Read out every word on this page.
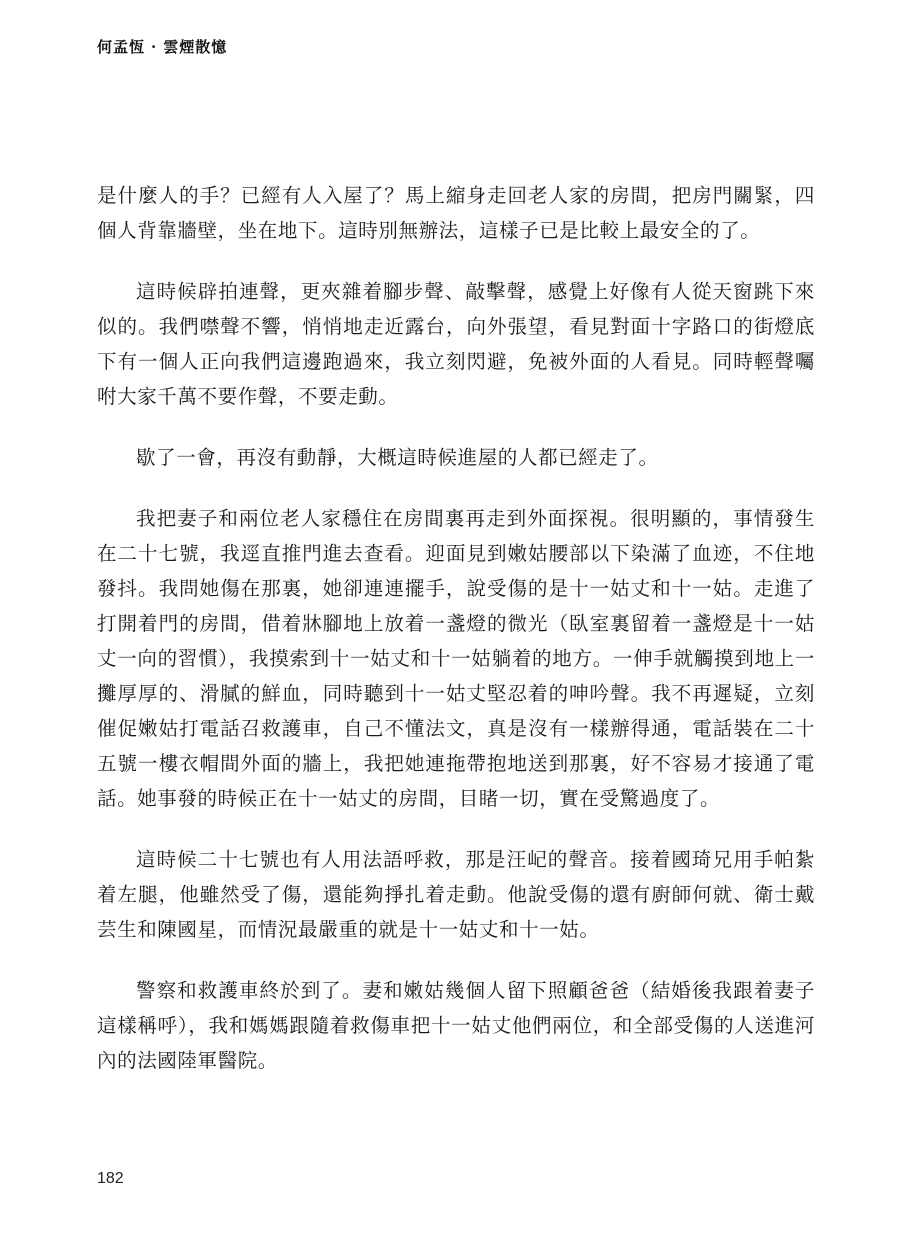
何孟恆 · 雲煙散憶

是什麼人的手？已經有人入屋了？馬上縮身走回老人家的房間，把房門關緊，四個人背靠牆壁，坐在地下。這時別無辦法，這樣子已是比較上最安全的了。

這時候辟拍連聲，更夾雜着腳步聲、敲擊聲，感覺上好像有人從天窗跳下來似的。我們噤聲不響，悄悄地走近露台，向外張望，看見對面十字路口的街燈底下有一個人正向我們這邊跑過來，我立刻閃避，免被外面的人看見。同時輕聲囑咐大家千萬不要作聲，不要走動。

歇了一會，再沒有動靜，大概這時候進屋的人都已經走了。

我把妻子和兩位老人家穩住在房間裏再走到外面探視。很明顯的，事情發生在二十七號，我逕直推門進去查看。迎面見到嫩姑腰部以下染滿了血迹，不住地發抖。我問她傷在那裏，她卻連連擺手，說受傷的是十一姑丈和十一姑。走進了打開着門的房間，借着牀腳地上放着一盞燈的微光（臥室裏留着一盞燈是十一姑丈一向的習慣），我摸索到十一姑丈和十一姑躺着的地方。一伸手就觸摸到地上一攤厚厚的、滑膩的鮮血，同時聽到十一姑丈堅忍着的呻吟聲。我不再遲疑，立刻催促嫩姑打電話召救護車，自己不懂法文，真是沒有一樣辦得通，電話裝在二十五號一樓衣帽間外面的牆上，我把她連拖帶抱地送到那裏，好不容易才接通了電話。她事發的時候正在十一姑丈的房間，目睹一切，實在受驚過度了。

這時候二十七號也有人用法語呼救，那是汪屺的聲音。接着國琦兄用手帕紮着左腿，他雖然受了傷，還能夠掙扎着走動。他說受傷的還有廚師何就、衛士戴芸生和陳國星，而情況最嚴重的就是十一姑丈和十一姑。

警察和救護車終於到了。妻和嫩姑幾個人留下照顧爸爸（結婚後我跟着妻子這樣稱呼），我和媽媽跟隨着救傷車把十一姑丈他們兩位，和全部受傷的人送進河內的法國陸軍醫院。

182
